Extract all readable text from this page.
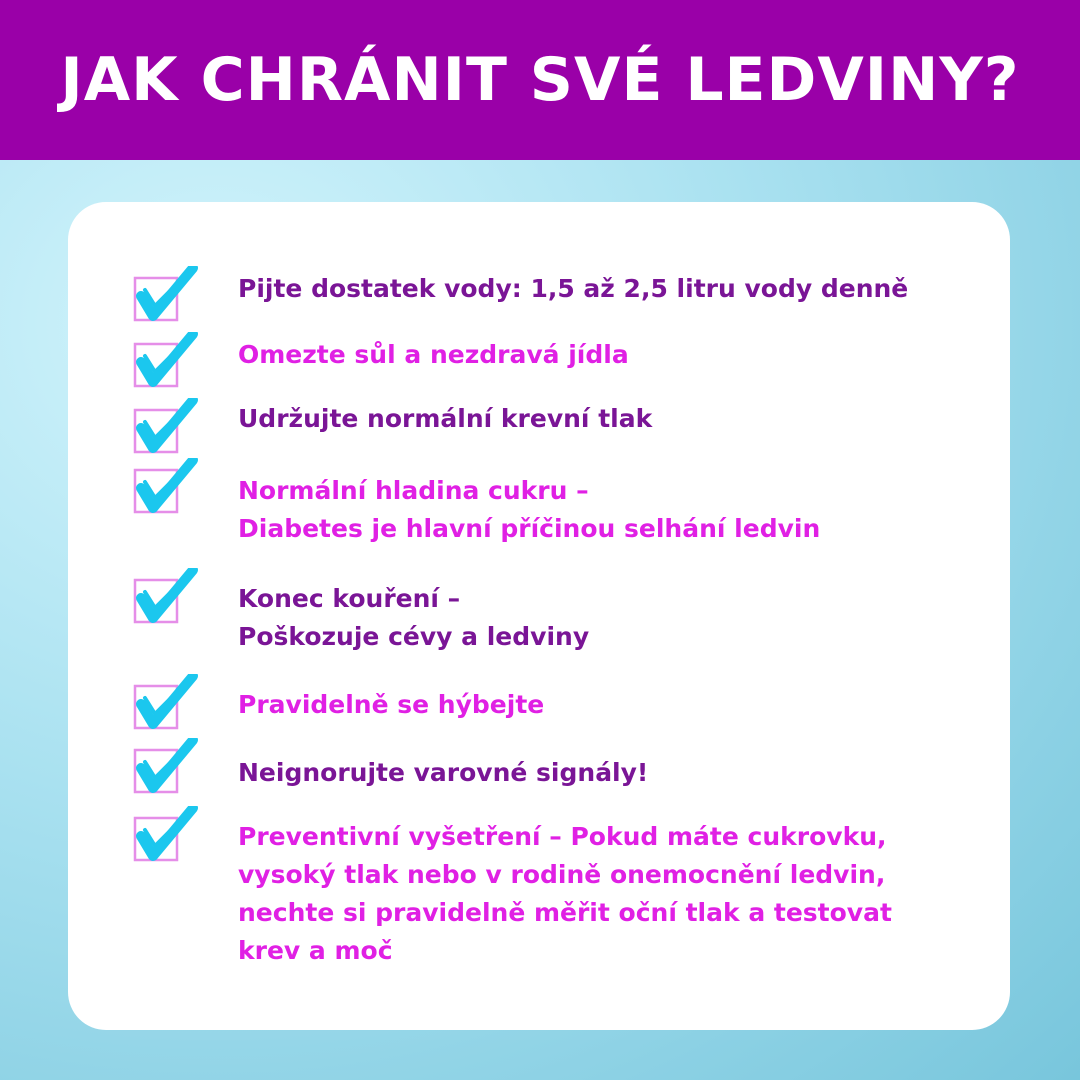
JAK CHRÁNIT SVÉ LEDVINY?

Pijte dostatek vody: 1,5 až 2,5 litru vody denně

Omezte sůl a nezdravá jídla

Udržujte normální krevní tlak

Normální hladina cukru –
Diabetes je hlavní příčinou selhání ledvin

Konec kouření –
Poškozuje cévy a ledviny

Pravidelně se hýbejte

Neignorujte varovné signály!

Preventivní vyšetření – Pokud máte cukrovku,
vysoký tlak nebo v rodině onemocnění ledvin,
nechte si pravidelně měřit oční tlak a testovat
krev a moč
